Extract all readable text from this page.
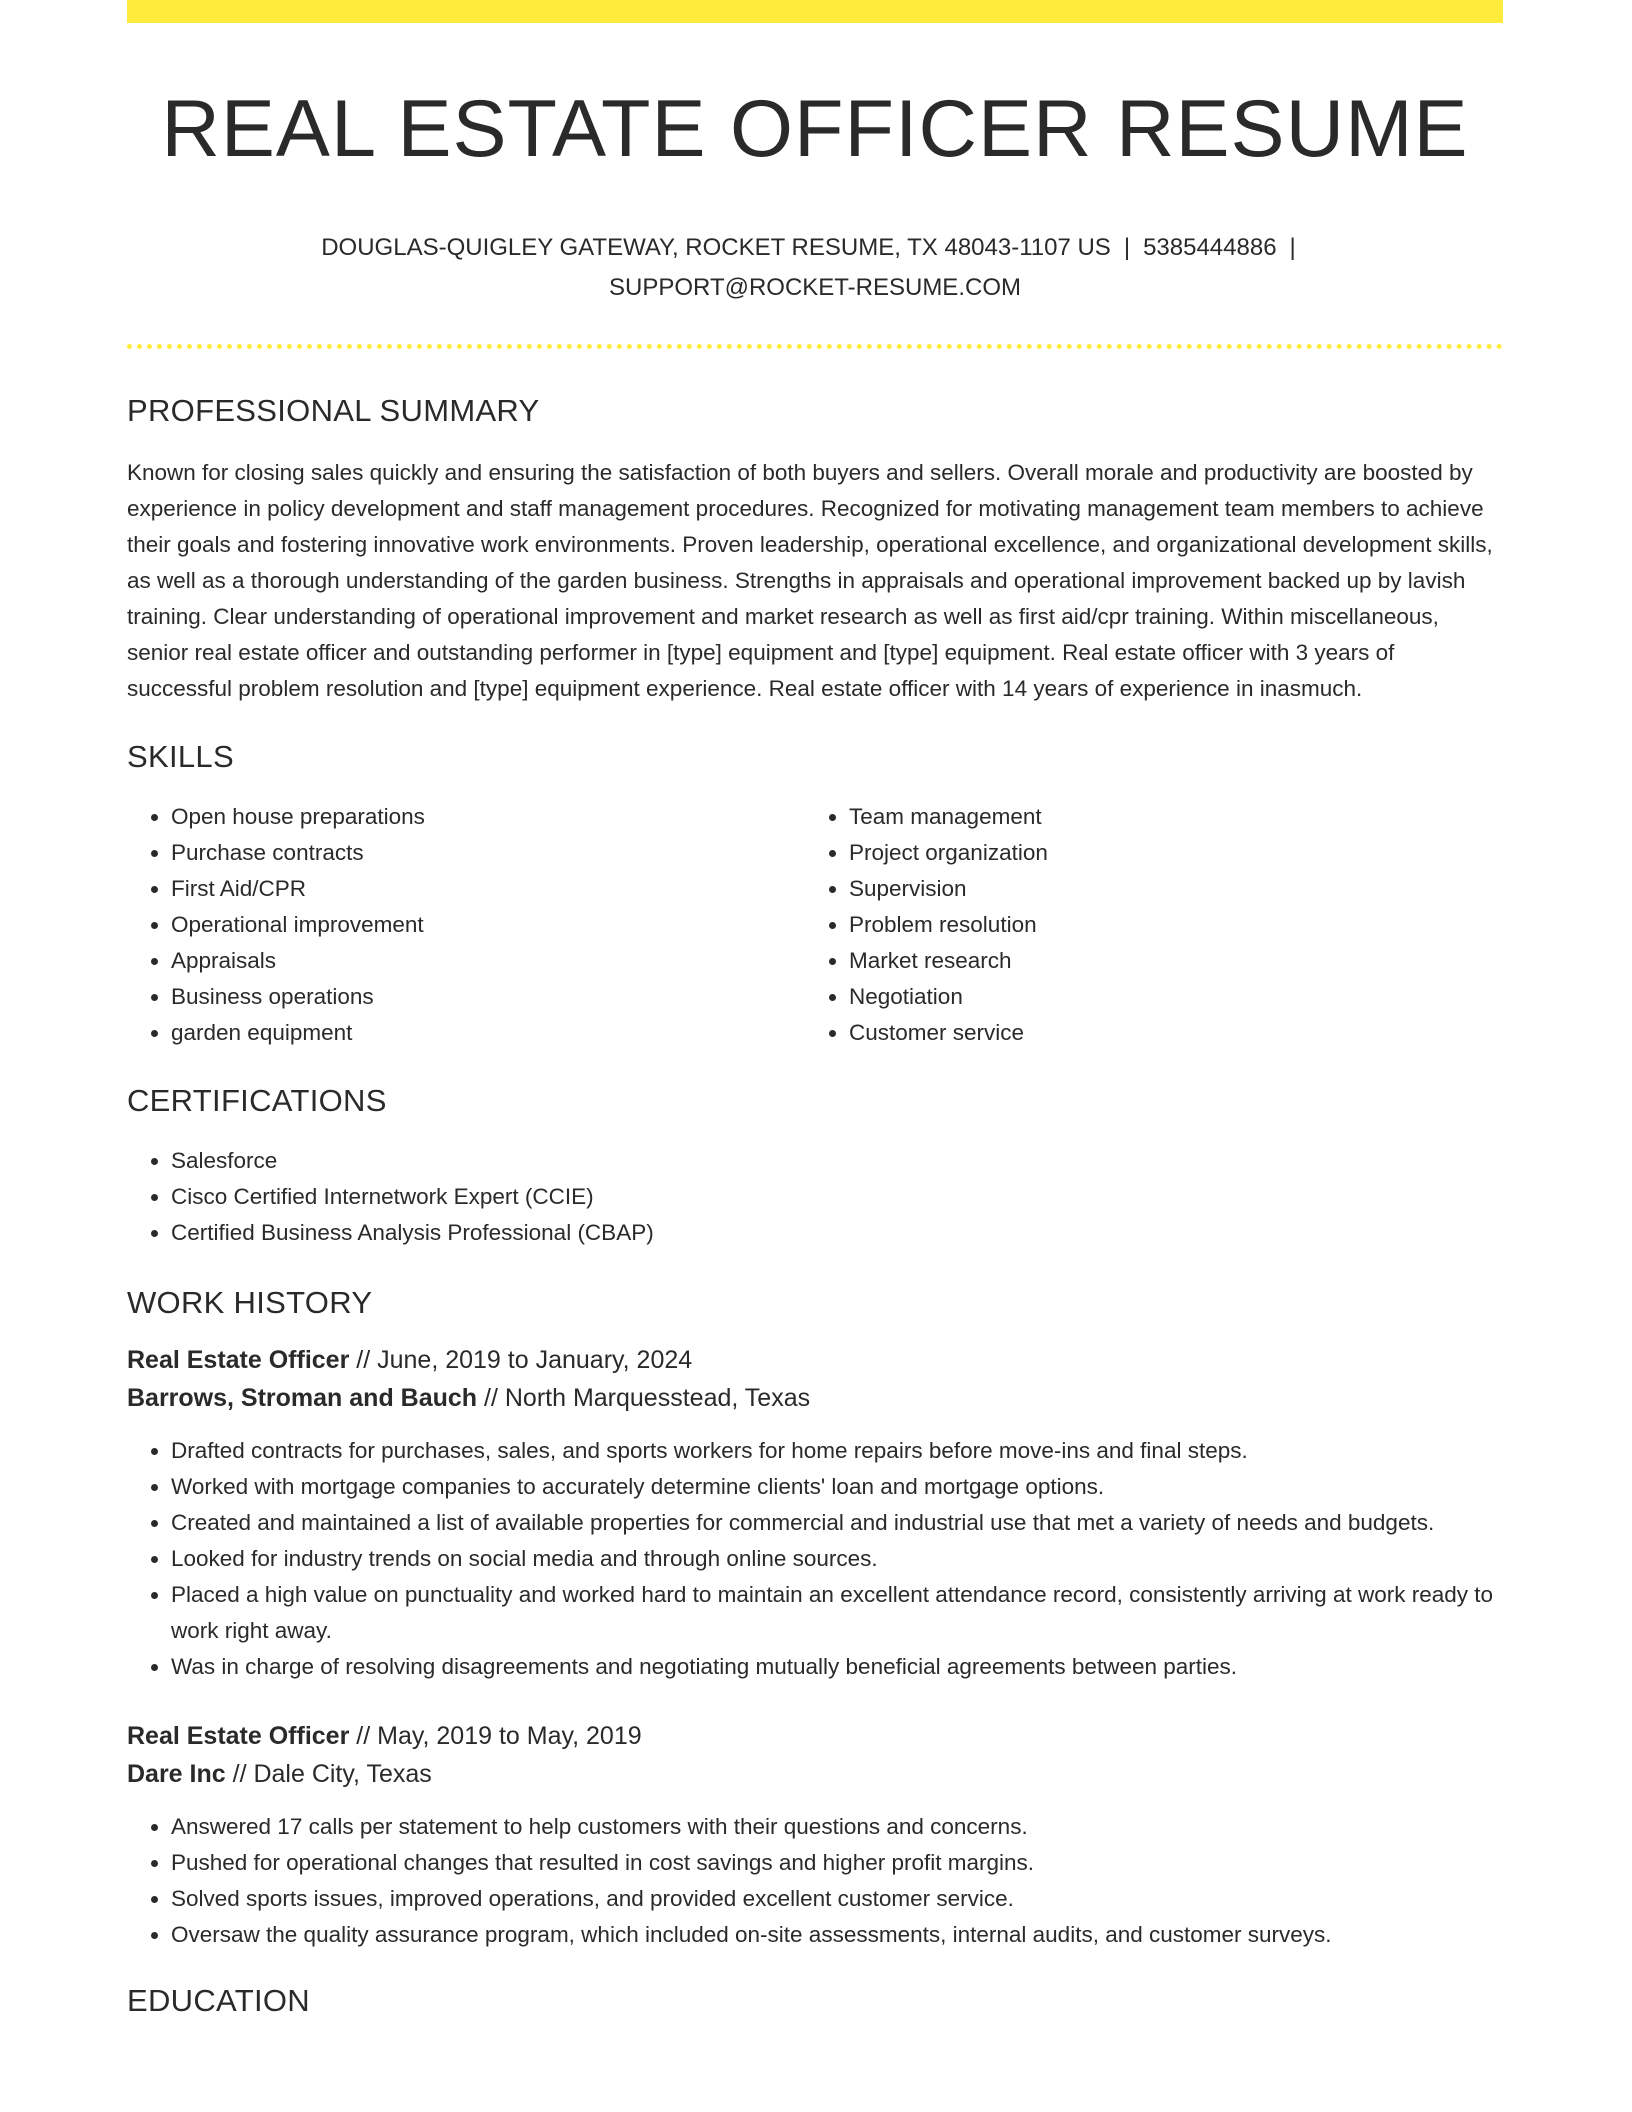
REAL ESTATE OFFICER RESUME
DOUGLAS-QUIGLEY GATEWAY, ROCKET RESUME, TX 48043-1107 US | 5385444886 |
SUPPORT@ROCKET-RESUME.COM
PROFESSIONAL SUMMARY

Known for closing sales quickly and ensuring the satisfaction of both buyers and sellers. Overall morale and productivity are boosted by experience in policy development and staff management procedures. Recognized for motivating management team members to achieve their goals and fostering innovative work environments. Proven leadership, operational excellence, and organizational development skills, as well as a thorough understanding of the garden business. Strengths in appraisals and operational improvement backed up by lavish training. Clear understanding of operational improvement and market research as well as first aid/cpr training. Within miscellaneous, senior real estate officer and outstanding performer in [type] equipment and [type] equipment. Real estate officer with 3 years of successful problem resolution and [type] equipment experience. Real estate officer with 14 years of experience in inasmuch.

SKILLS
• Open house preparations
• Purchase contracts
• First Aid/CPR
• Operational improvement
• Appraisals
• Business operations
• garden equipment
• Team management
• Project organization
• Supervision
• Problem resolution
• Market research
• Negotiation
• Customer service
CERTIFICATIONS
• Salesforce
• Cisco Certified Internetwork Expert (CCIE)
• Certified Business Analysis Professional (CBAP)
WORK HISTORY
Real Estate Officer // June, 2019 to January, 2024
Barrows, Stroman and Bauch // North Marquesstead, Texas
• Drafted contracts for purchases, sales, and sports workers for home repairs before move-ins and final steps.
• Worked with mortgage companies to accurately determine clients' loan and mortgage options.
• Created and maintained a list of available properties for commercial and industrial use that met a variety of needs and budgets.
• Looked for industry trends on social media and through online sources.
• Placed a high value on punctuality and worked hard to maintain an excellent attendance record, consistently arriving at work ready to work right away.
• Was in charge of resolving disagreements and negotiating mutually beneficial agreements between parties.
Real Estate Officer // May, 2019 to May, 2019
Dare Inc // Dale City, Texas
• Answered 17 calls per statement to help customers with their questions and concerns.
• Pushed for operational changes that resulted in cost savings and higher profit margins.
• Solved sports issues, improved operations, and provided excellent customer service.
• Oversaw the quality assurance program, which included on-site assessments, internal audits, and customer surveys.
EDUCATION
